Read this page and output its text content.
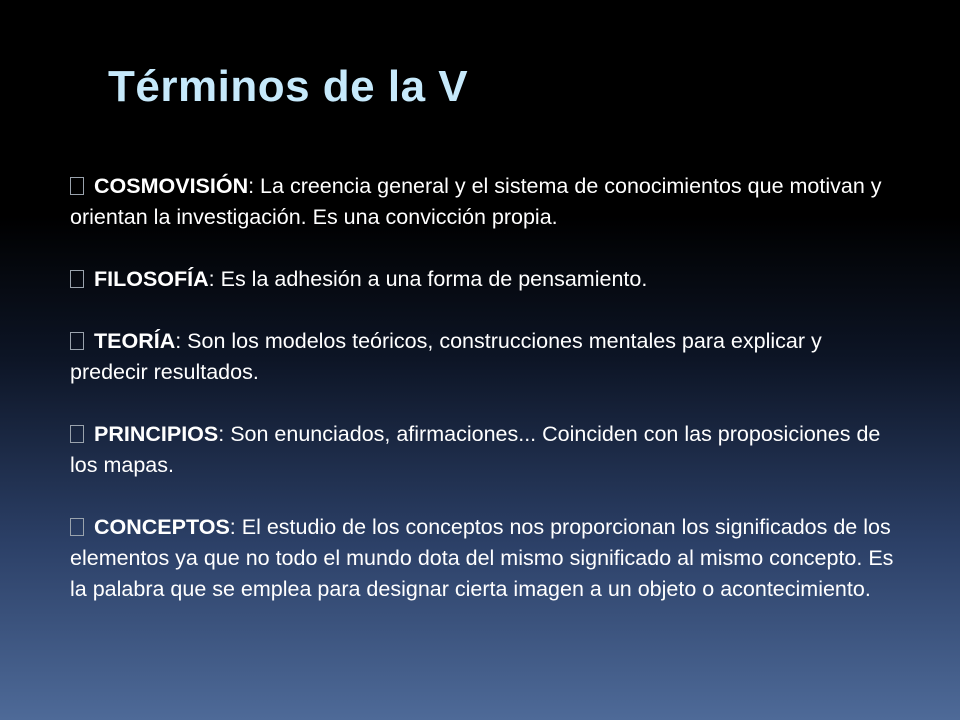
Términos de la V

COSMOVISIÓN: La creencia general y el sistema de conocimientos que motivan y orientan la investigación. Es una convicción propia.

FILOSOFÍA: Es la adhesión a una forma de pensamiento.

TEORÍA: Son los modelos teóricos, construcciones mentales para explicar y predecir resultados.

PRINCIPIOS: Son enunciados, afirmaciones... Coinciden con las proposiciones de los mapas.

CONCEPTOS: El estudio de los conceptos nos proporcionan los significados de los elementos ya que no todo el mundo dota del mismo significado al mismo concepto. Es la palabra que se emplea para designar cierta imagen a un objeto o acontecimiento.
